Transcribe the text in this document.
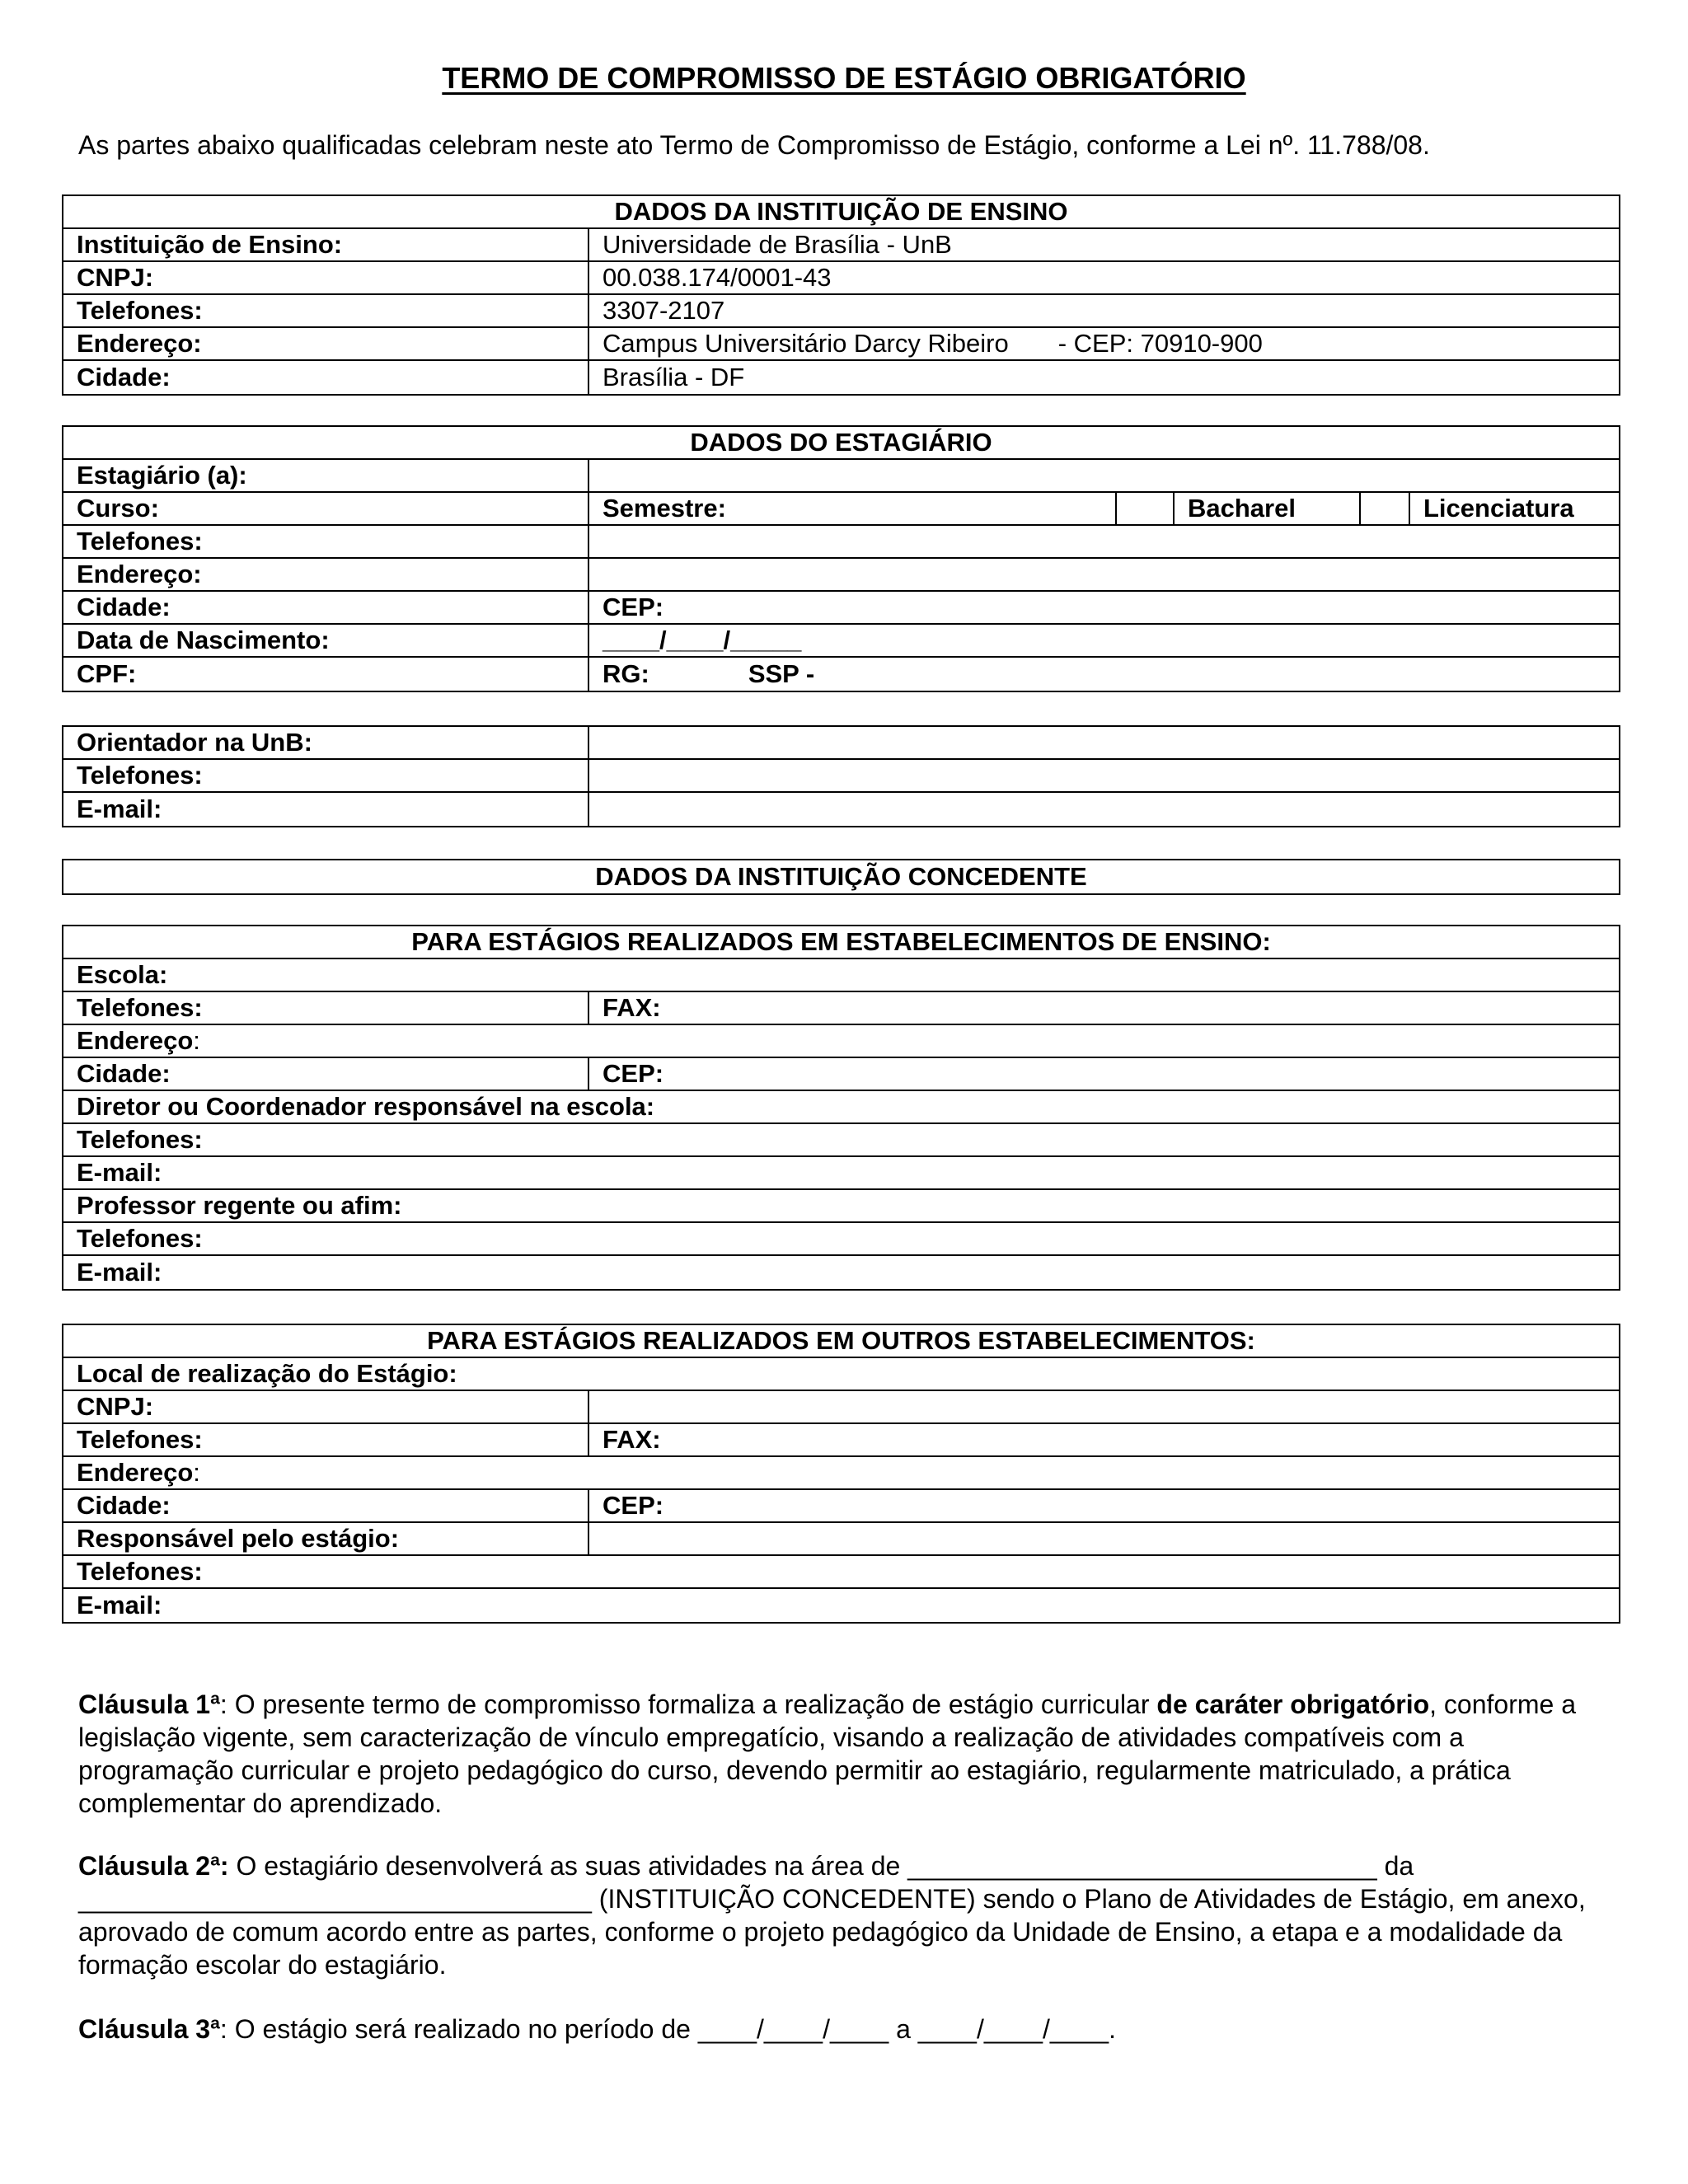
TERMO DE COMPROMISSO DE ESTÁGIO OBRIGATÓRIO
As partes abaixo qualificadas celebram neste ato Termo de Compromisso de Estágio, conforme a Lei nº. 11.788/08.
DADOS DA INSTITUIÇÃO DE ENSINO
Instituição de Ensino:	Universidade de Brasília - UnB
CNPJ:	00.038.174/0001-43
Telefones:	3307-2107
Endereço:	Campus Universitário Darcy Ribeiro - CEP: 70910-900
Cidade:	Brasília - DF
DADOS DO ESTAGIÁRIO
Estagiário (a):
Curso:	Semestre:	Bacharel	Licenciatura
Telefones:
Endereço:
Cidade:	CEP:
Data de Nascimento:	____/____/_____
CPF:	RG:	SSP -
Orientador na UnB:
Telefones:
E-mail:
DADOS DA INSTITUIÇÃO CONCEDENTE
PARA ESTÁGIOS REALIZADOS EM ESTABELECIMENTOS DE ENSINO:
Escola:
Telefones:	FAX:
Endereço :
Cidade:	CEP:
Diretor ou Coordenador responsável na escola:
Telefones:
E-mail:
Professor regente ou afim:
Telefones:
E-mail:
PARA ESTÁGIOS REALIZADOS EM OUTROS ESTABELECIMENTOS:
Local de realização do Estágio:
CNPJ:
Telefones:	FAX:
Endereço :
Cidade:	CEP:
Responsável pelo estágio:
Telefones:
E-mail:
Cláusula 1ª: O presente termo de compromisso formaliza a realização de estágio curricular de caráter obrigatório, conforme a legislação vigente, sem caracterização de vínculo empregatício, visando a realização de atividades compatíveis com a programação curricular e projeto pedagógico do curso, devendo permitir ao estagiário, regularmente matriculado, a prática complementar do aprendizado.
Cláusula 2ª: O estagiário desenvolverá as suas atividades na área de ________________________________ da ___________________________________ (INSTITUIÇÃO CONCEDENTE) sendo o Plano de Atividades de Estágio, em anexo, aprovado de comum acordo entre as partes, conforme o projeto pedagógico da Unidade de Ensino, a etapa e a modalidade da formação escolar do estagiário.
Cláusula 3ª: O estágio será realizado no período de ____/____/____ a ____/____/____.
